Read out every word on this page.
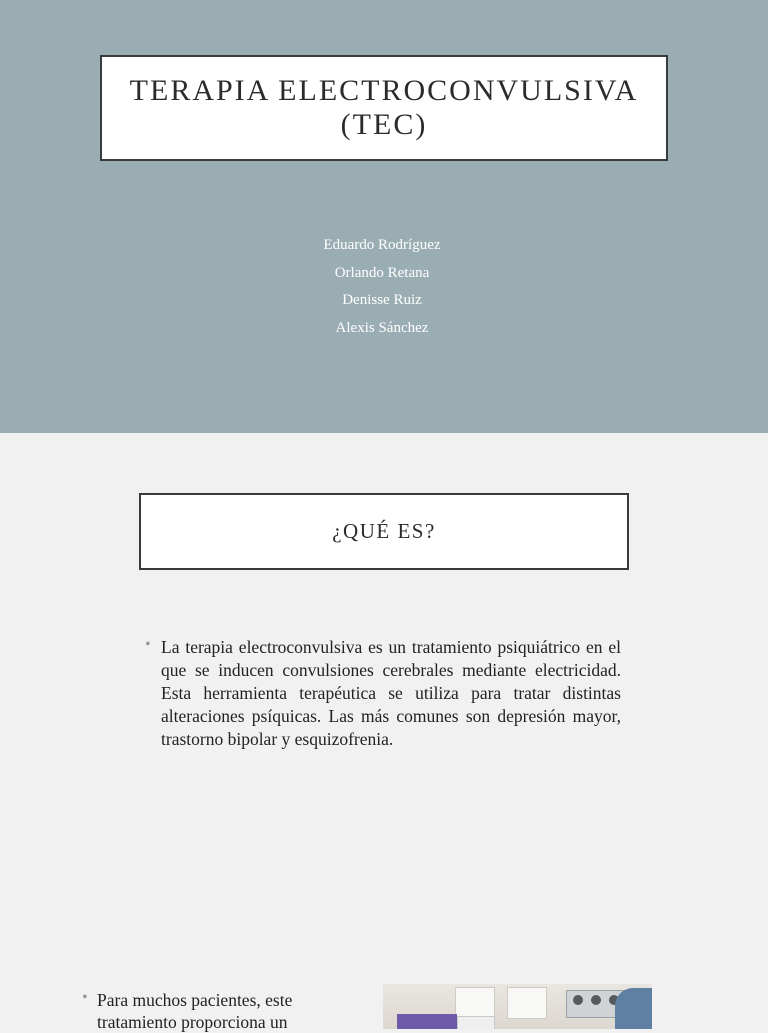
TERAPIA ELECTROCONVULSIVA (TEC)
Eduardo Rodríguez
Orlando Retana
Denisse Ruiz
Alexis Sánchez
¿QUÉ ES?
• La terapia electroconvulsiva es un tratamiento psiquiátrico en el que se inducen convulsiones cerebrales mediante electricidad. Esta herramienta terapéutica se utiliza para tratar distintas alteraciones psíquicas. Las más comunes son depresión mayor, trastorno bipolar y esquizofrenia.
• Para muchos pacientes, este tratamiento proporciona un
